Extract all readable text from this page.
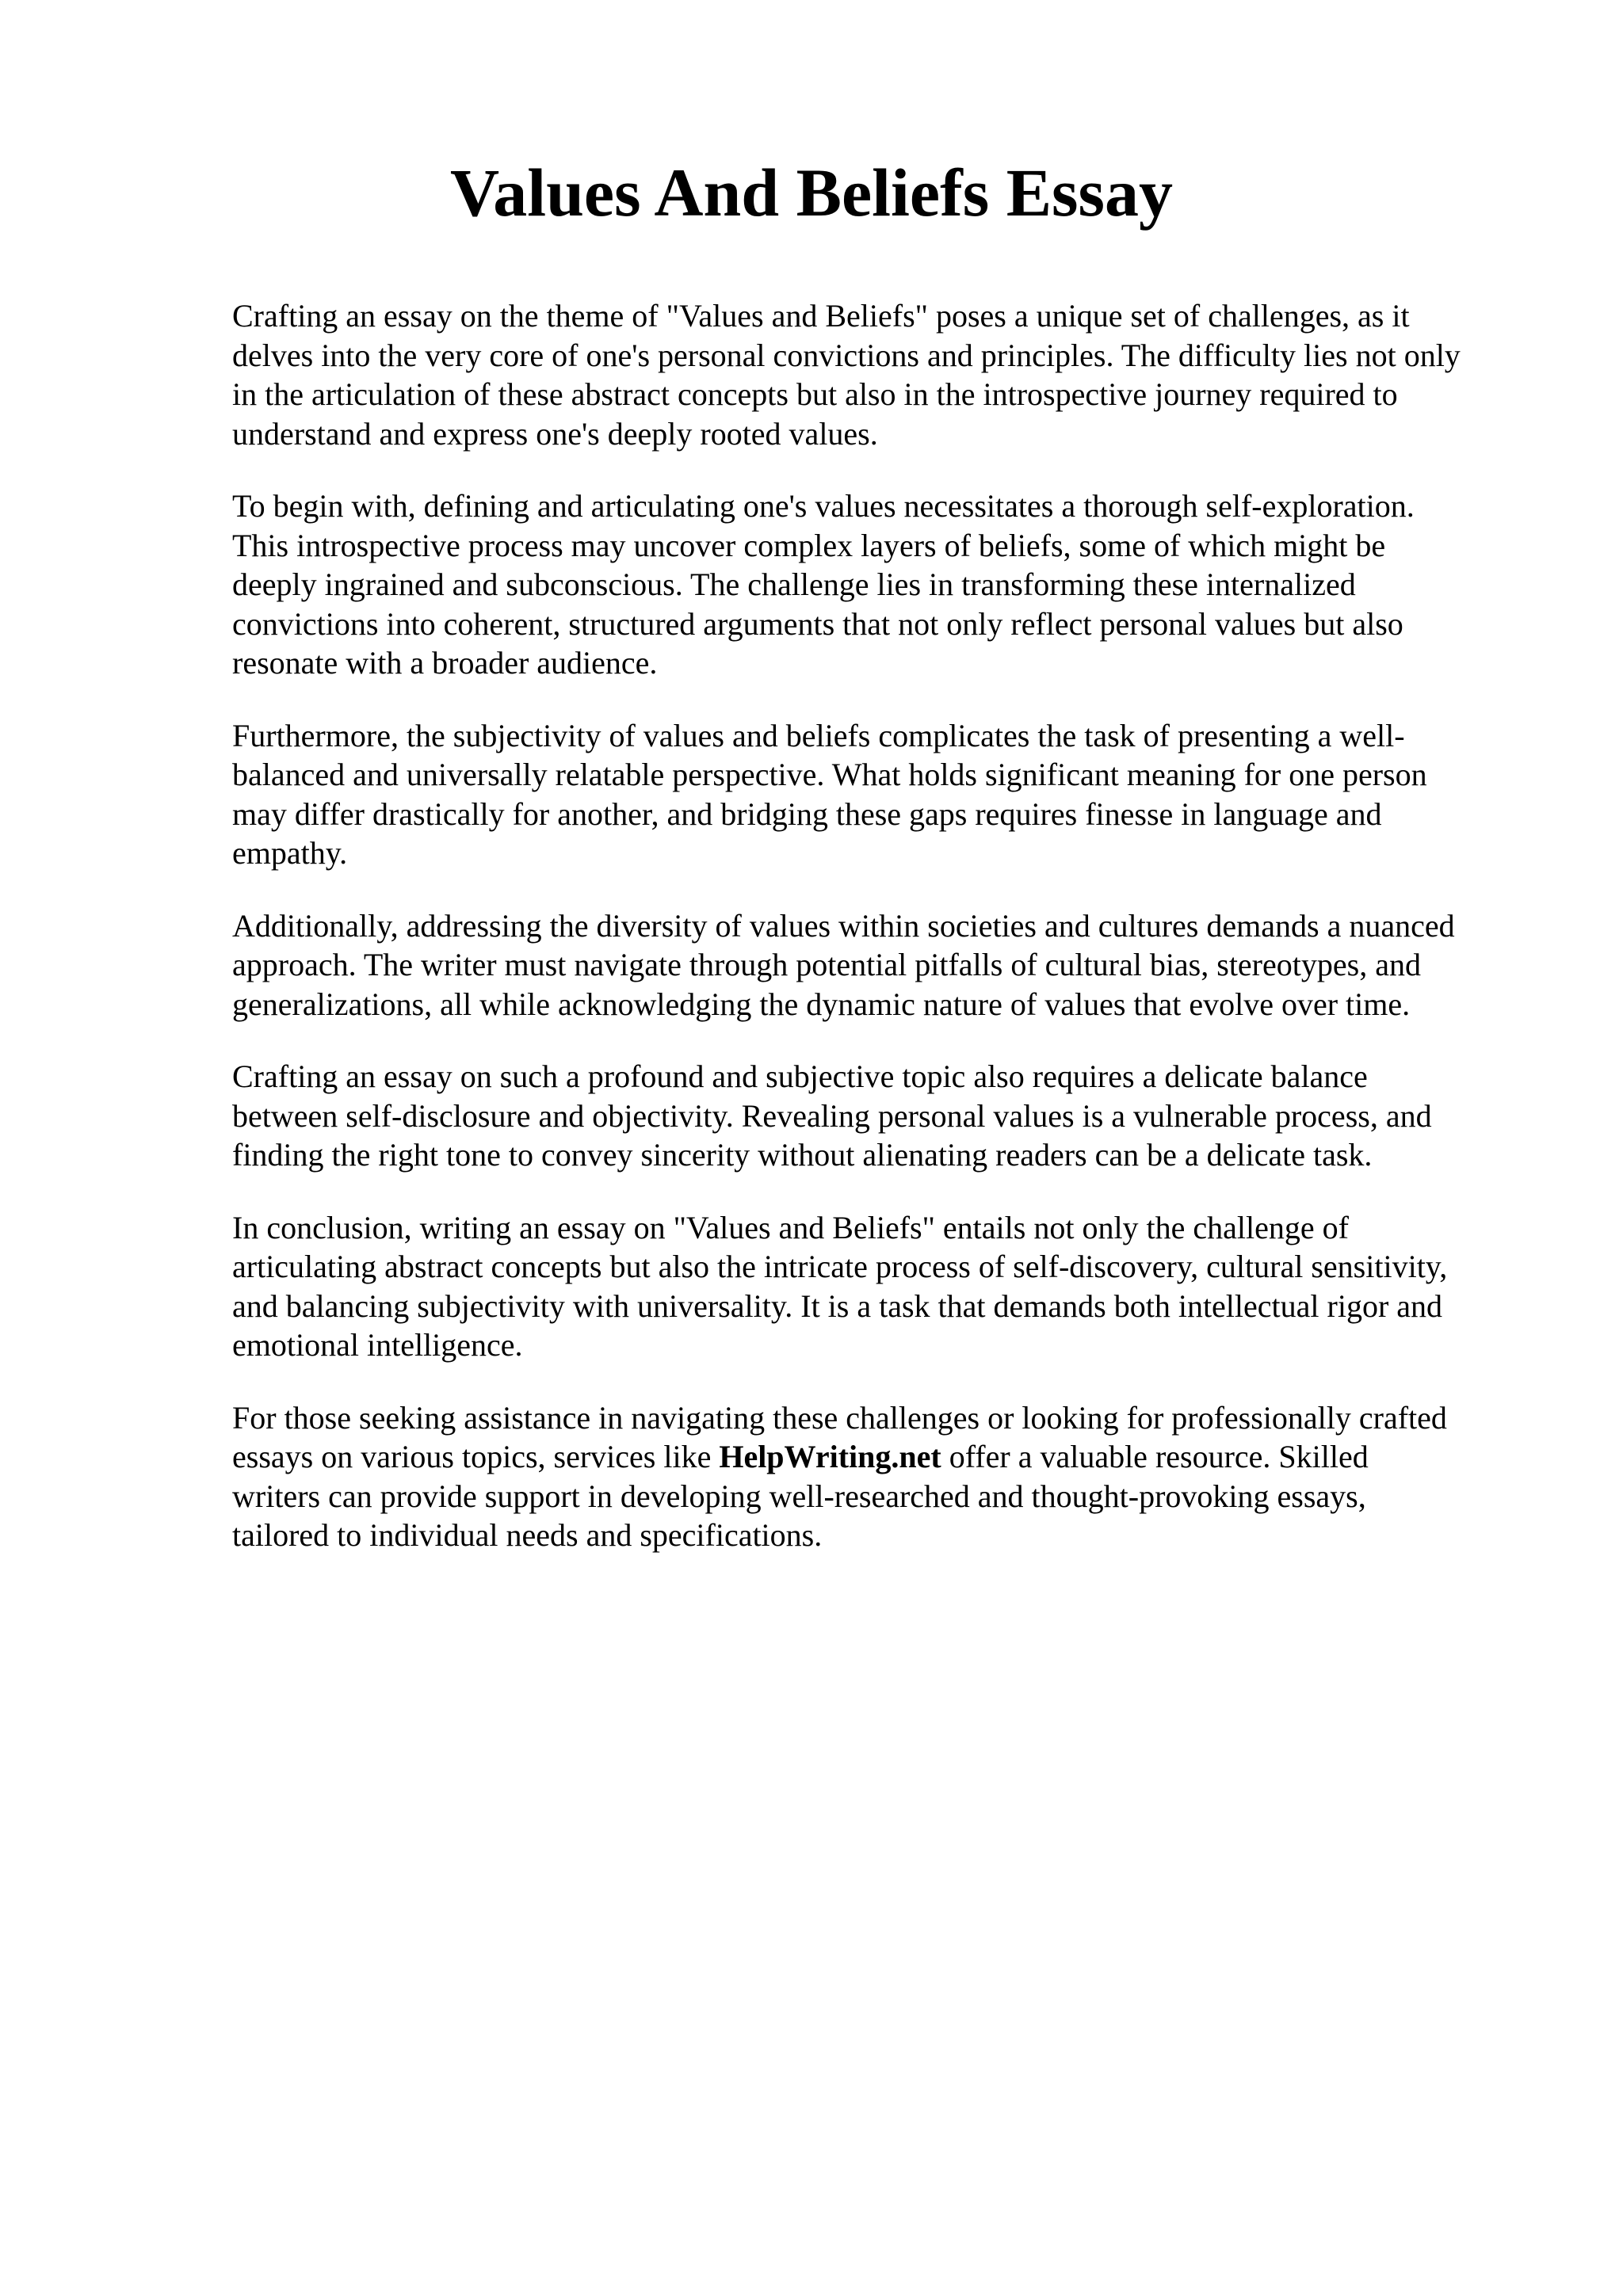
Values And Beliefs Essay

Crafting an essay on the theme of "Values and Beliefs" poses a unique set of challenges, as it
delves into the very core of one's personal convictions and principles. The difficulty lies not only
in the articulation of these abstract concepts but also in the introspective journey required to
understand and express one's deeply rooted values.

To begin with, defining and articulating one's values necessitates a thorough self-exploration.
This introspective process may uncover complex layers of beliefs, some of which might be
deeply ingrained and subconscious. The challenge lies in transforming these internalized
convictions into coherent, structured arguments that not only reflect personal values but also
resonate with a broader audience.

Furthermore, the subjectivity of values and beliefs complicates the task of presenting a well-
balanced and universally relatable perspective. What holds significant meaning for one person
may differ drastically for another, and bridging these gaps requires finesse in language and
empathy.

Additionally, addressing the diversity of values within societies and cultures demands a nuanced
approach. The writer must navigate through potential pitfalls of cultural bias, stereotypes, and
generalizations, all while acknowledging the dynamic nature of values that evolve over time.

Crafting an essay on such a profound and subjective topic also requires a delicate balance
between self-disclosure and objectivity. Revealing personal values is a vulnerable process, and
finding the right tone to convey sincerity without alienating readers can be a delicate task.

In conclusion, writing an essay on "Values and Beliefs" entails not only the challenge of
articulating abstract concepts but also the intricate process of self-discovery, cultural sensitivity,
and balancing subjectivity with universality. It is a task that demands both intellectual rigor and
emotional intelligence.

For those seeking assistance in navigating these challenges or looking for professionally crafted
essays on various topics, services like HelpWriting.net offer a valuable resource. Skilled
writers can provide support in developing well-researched and thought-provoking essays,
tailored to individual needs and specifications.
